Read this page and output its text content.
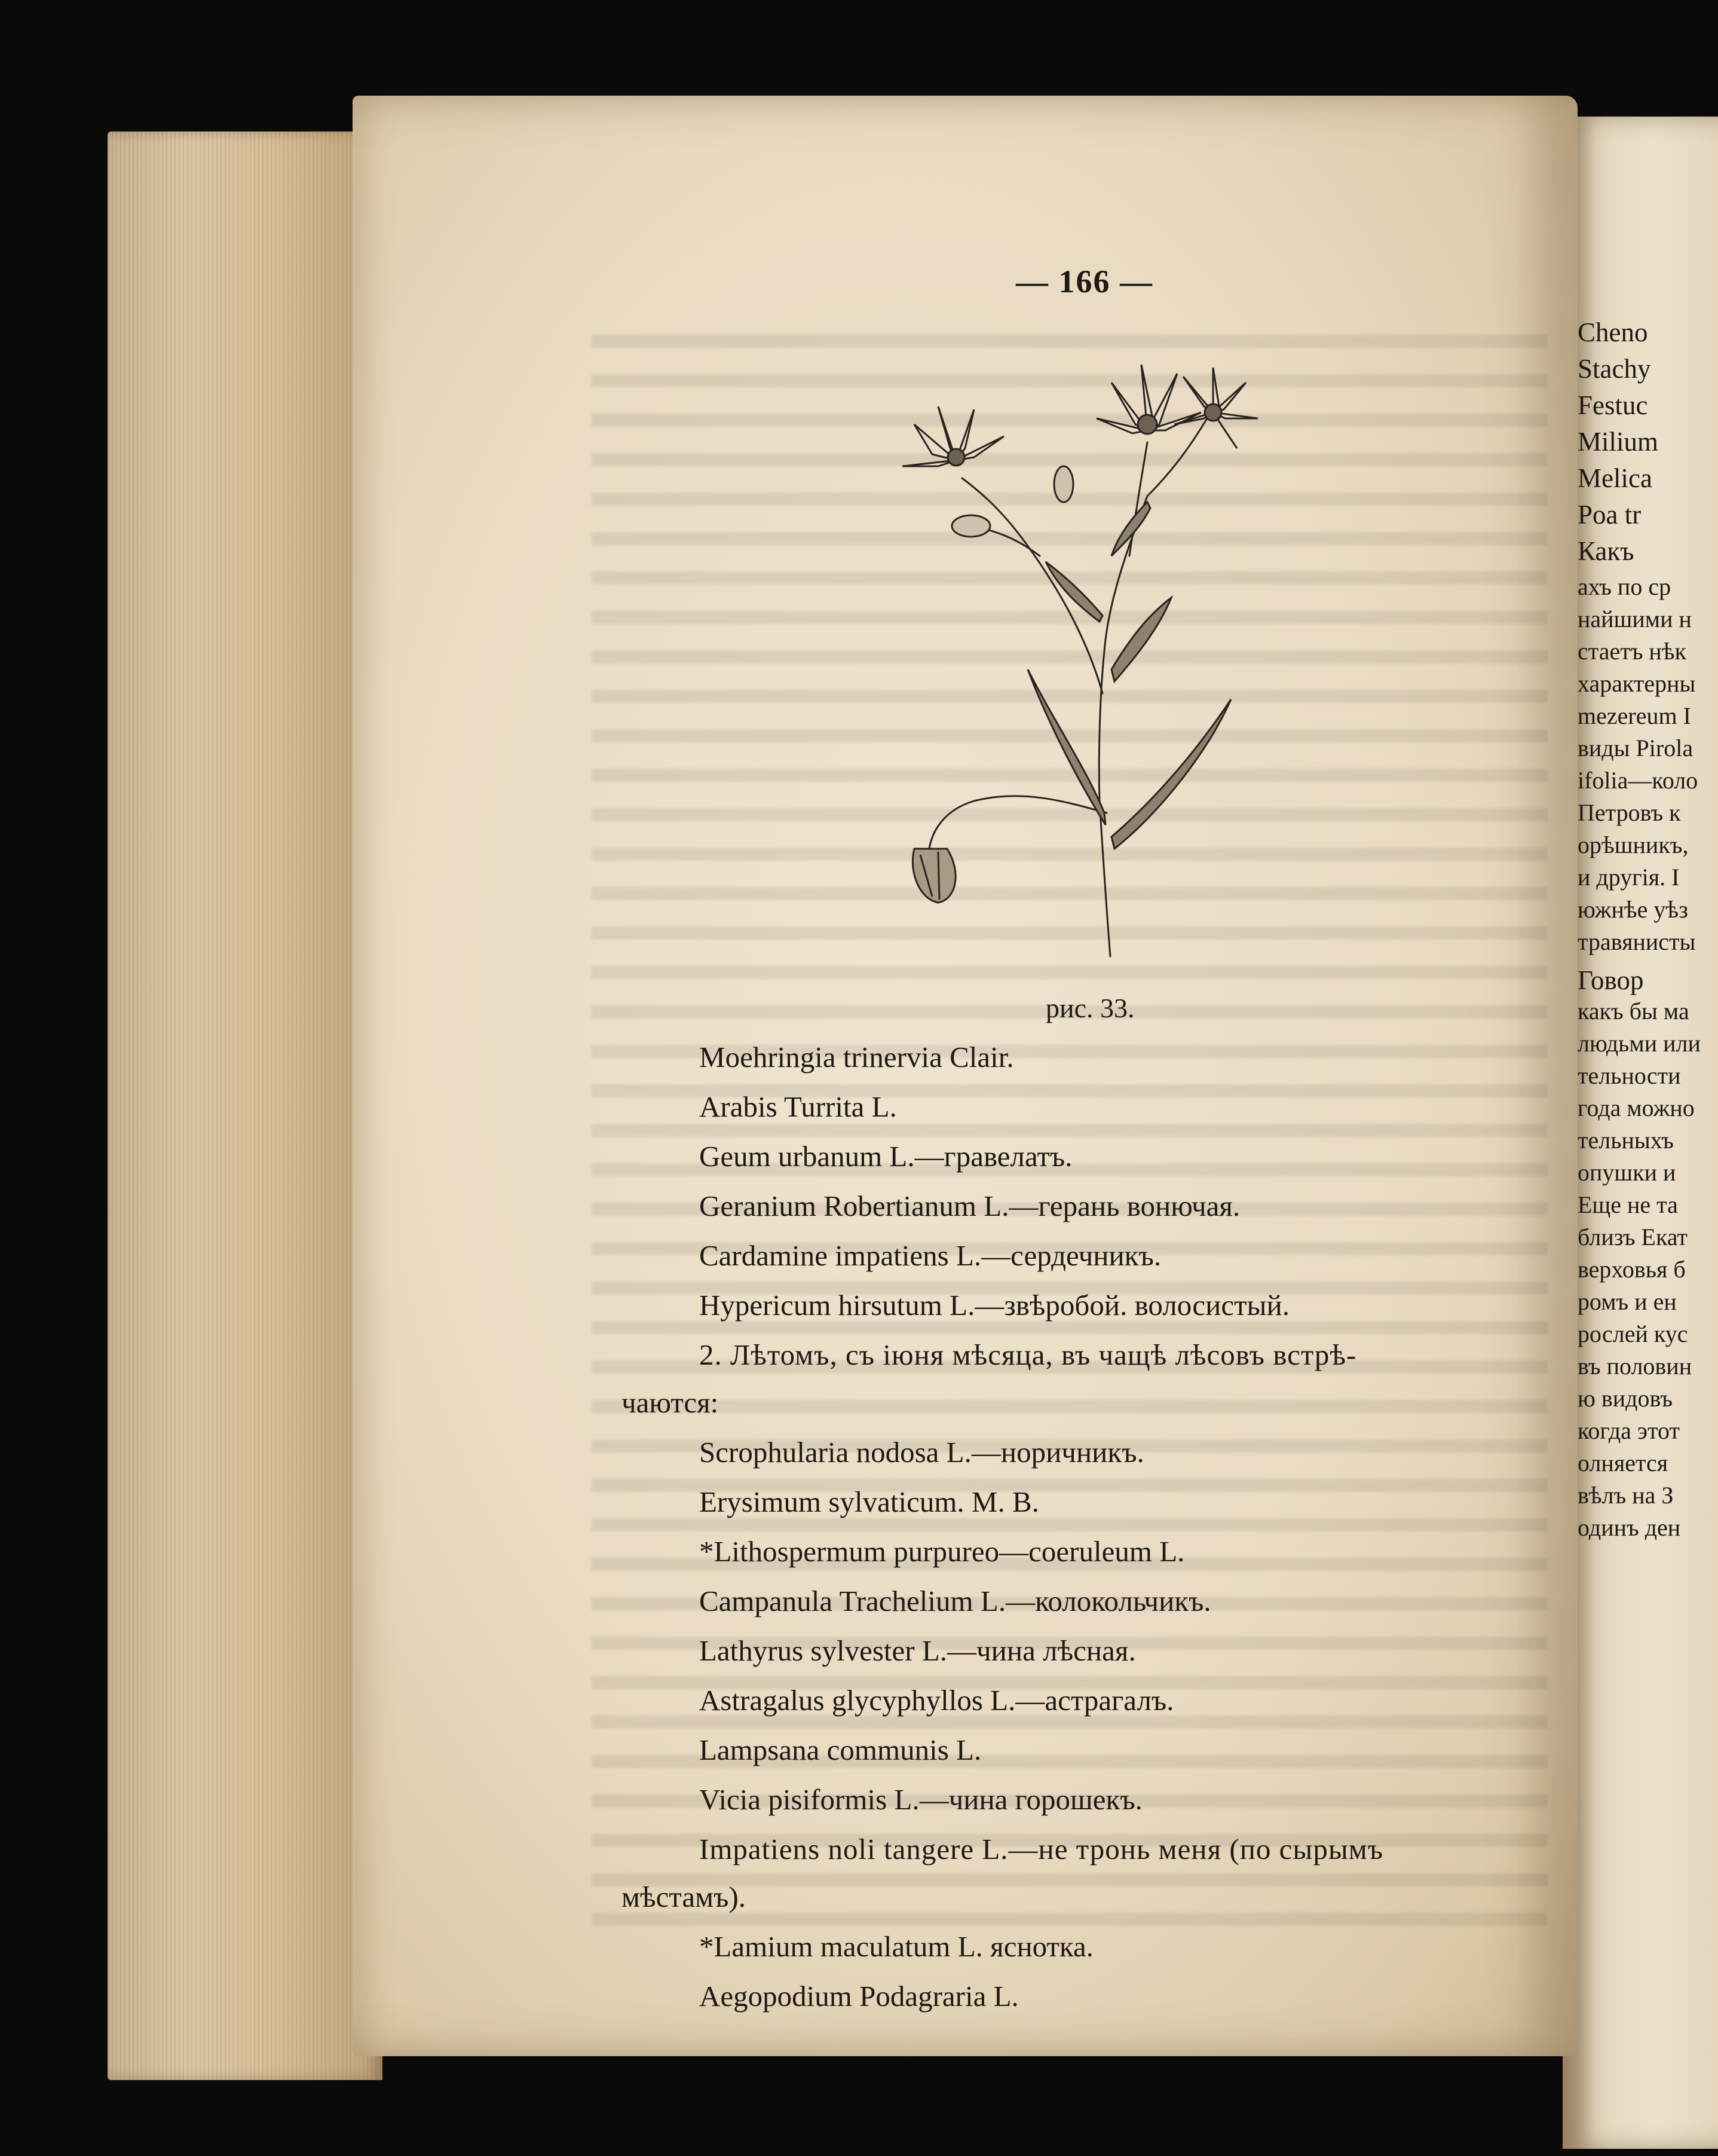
Cheno
Stachy
Festuc
Milium
Melica
Poa tr
Какъ
ахъ по ср
найшими н
стаетъ нѣк
характерны
mezereum I
виды Pirola
ifolia—коло
Петровъ к
орѣшникъ,
и другiя. I
южнѣе уѣз
травянисты
Говор
какъ бы ма
людьми или
тельности
года можно
тельныхъ
опушки и
Еще не та
близъ Екат
верховья б
ромъ и ен
рослей кус
въ половин
ю видовъ
когда этот
олняется
вѣлъ на З
одинъ ден
— 166 —
рис. 33.
Moehringia trinervia Clair.
Arabis Turrita L.
Geum urbanum L.—гравелатъ.
Geranium Robertianum L.—герань вонючая.
Cardamine impatiens L.—сердечникъ.
Hypericum hirsutum L.—звѣробой. волосистый.
2. Лѣтомъ, съ iюня мѣсяца, въ чащѣ лѣсовъ встрѣ-
чаются:
Scrophularia nodosa L.—норичникъ.
Erysimum sylvaticum. M. B.
*Lithospermum purpureo—coeruleum L.
Campanula Trachelium L.—колокольчикъ.
Lathyrus sylvester L.—чина лѣсная.
Astragalus glycyphyllos L.—астрагалъ.
Lampsana communis L.
Vicia pisiformis L.—чина горошекъ.
Impatiens noli tangere L.—не тронь меня (по сырымъ
мѣстамъ).
*Lamium maculatum L. яснотка.
Aegopodium Podagraria L.
